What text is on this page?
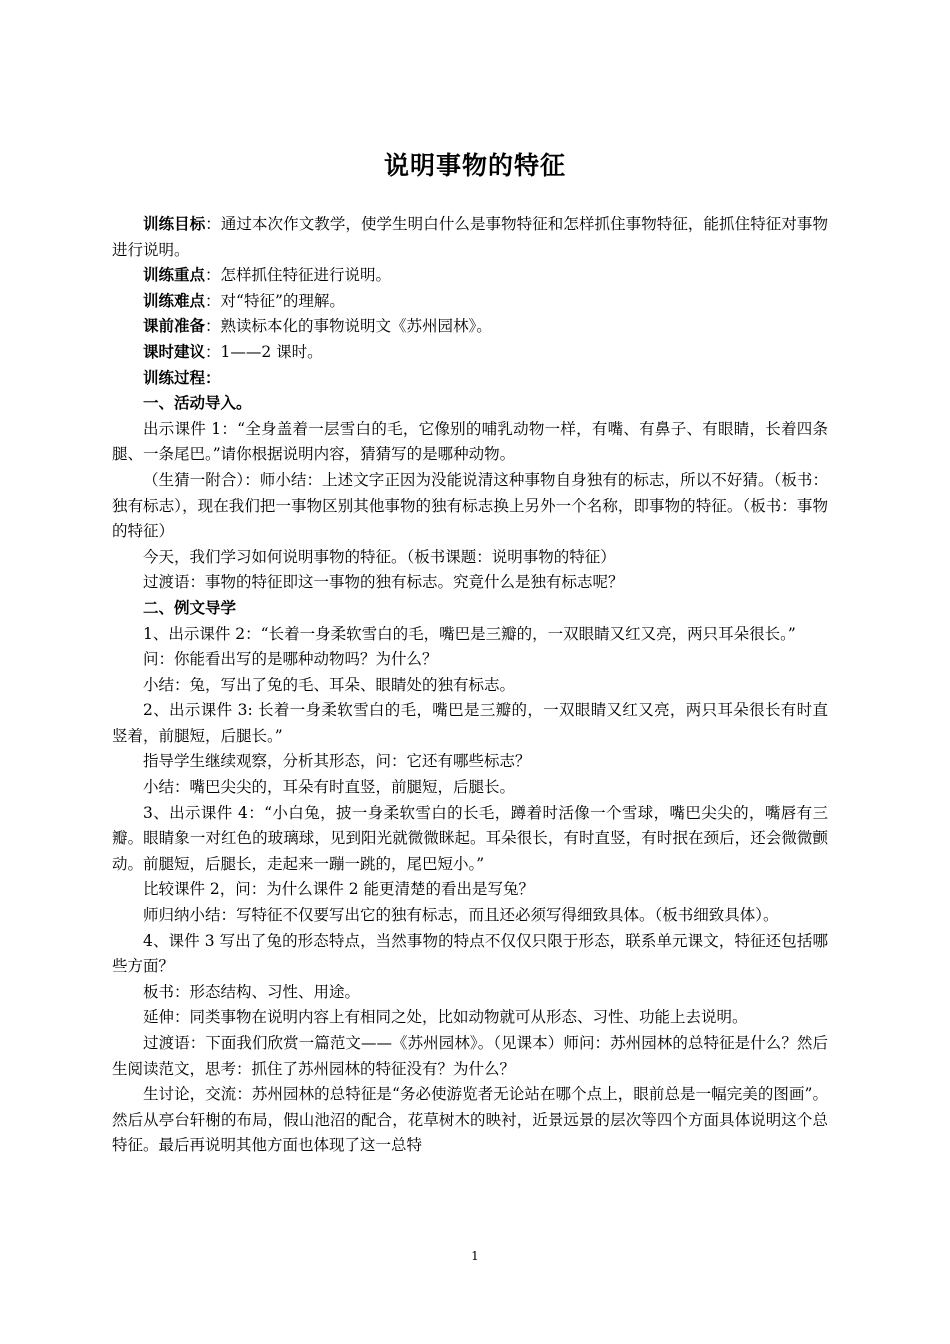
说明事物的特征

训练目标：通过本次作文教学，使学生明白什么是事物特征和怎样抓住事物特征，能抓住特征对事物进行说明。

训练重点：怎样抓住特征进行说明。

训练难点：对“特征”的理解。

课前准备：熟读标本化的事物说明文《苏州园林》。

课时建议：1——2 课时。

训练过程：

一、活动导入。

出示课件 1：“全身盖着一层雪白的毛，它像别的哺乳动物一样，有嘴、有鼻子、有眼睛，长着四条腿、一条尾巴。”请你根据说明内容，猜猜写的是哪种动物。

（生猜一附合）：师小结：上述文字正因为没能说清这种事物自身独有的标志，所以不好猜。（板书：独有标志），现在我们把一事物区别其他事物的独有标志换上另外一个名称，即事物的特征。（板书：事物的特征）

今天，我们学习如何说明事物的特征。（板书课题：说明事物的特征）

过渡语：事物的特征即这一事物的独有标志。究竟什么是独有标志呢？

二、例文导学

1、出示课件 2：“长着一身柔软雪白的毛，嘴巴是三瓣的，一双眼睛又红又亮，两只耳朵很长。”

问：你能看出写的是哪种动物吗？为什么？

小结：兔，写出了兔的毛、耳朵、眼睛处的独有标志。

2、出示课件 3: 长着一身柔软雪白的毛，嘴巴是三瓣的，一双眼睛又红又亮，两只耳朵很长有时直竖着，前腿短，后腿长。”

指导学生继续观察，分析其形态，问：它还有哪些标志？

小结：嘴巴尖尖的，耳朵有时直竖，前腿短，后腿长。

3、出示课件 4：“小白兔，披一身柔软雪白的长毛，蹲着时活像一个雪球，嘴巴尖尖的，嘴唇有三瓣。眼睛象一对红色的玻璃球，见到阳光就微微眯起。耳朵很长，有时直竖，有时抿在颈后，还会微微颤动。前腿短，后腿长，走起来一蹦一跳的，尾巴短小。”

比较课件 2，问：为什么课件 2 能更清楚的看出是写兔？

师归纳小结：写特征不仅要写出它的独有标志，而且还必须写得细致具体。（板书细致具体）。

4、课件 3 写出了兔的形态特点，当然事物的特点不仅仅只限于形态，联系单元课文，特征还包括哪些方面？

板书：形态结构、习性、用途。

延伸：同类事物在说明内容上有相同之处，比如动物就可从形态、习性、功能上去说明。

过渡语：下面我们欣赏一篇范文——《苏州园林》。（见课本）师问：苏州园林的总特征是什么？然后生阅读范文，思考：抓住了苏州园林的特征没有？为什么？

生讨论，交流：苏州园林的总特征是“务必使游览者无论站在哪个点上，眼前总是一幅完美的图画”。然后从亭台轩榭的布局，假山池沼的配合，花草树木的映衬，近景远景的层次等四个方面具体说明这个总特征。最后再说明其他方面也体现了这一总特

1
